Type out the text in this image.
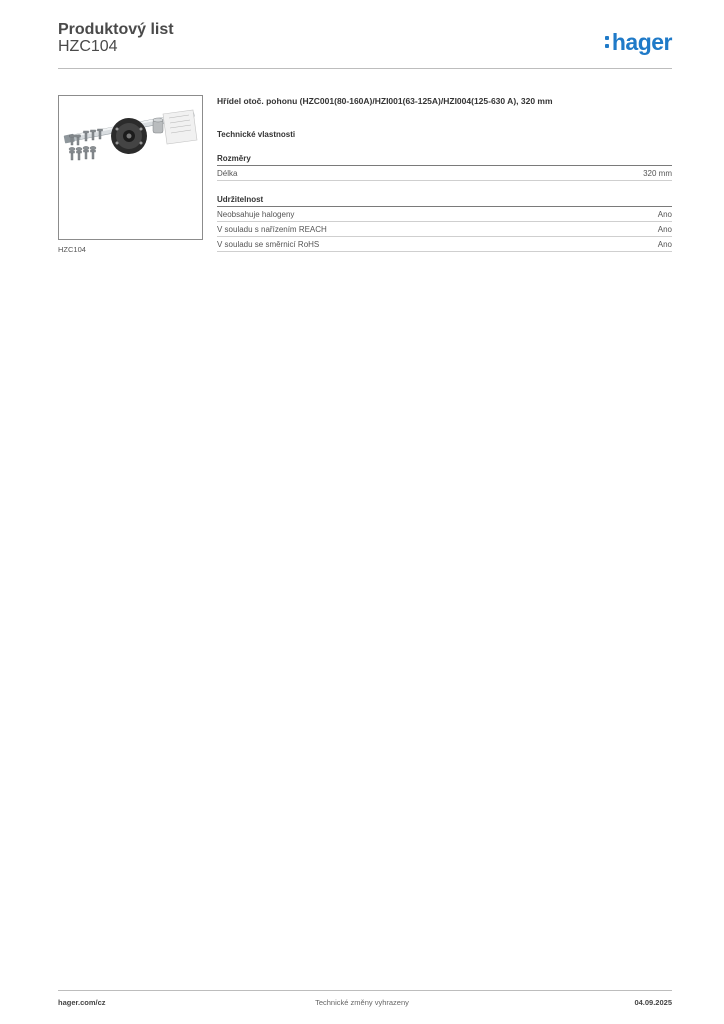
Produktový list
HZC104	hager
HZC104
Hřídel otoč. pohonu (HZC001(80-160A)/HZI001(63-125A)/HZI004(125-630 A), 320 mm
Technické vlastnosti
Rozměry
Délka	320 mm
Udržitelnost
Neobsahuje halogeny	Ano
V souladu s nařízením REACH	Ano
V souladu se směrnicí RoHS	Ano
hager.com/cz	Technické změny vyhrazeny	04.09.2025
